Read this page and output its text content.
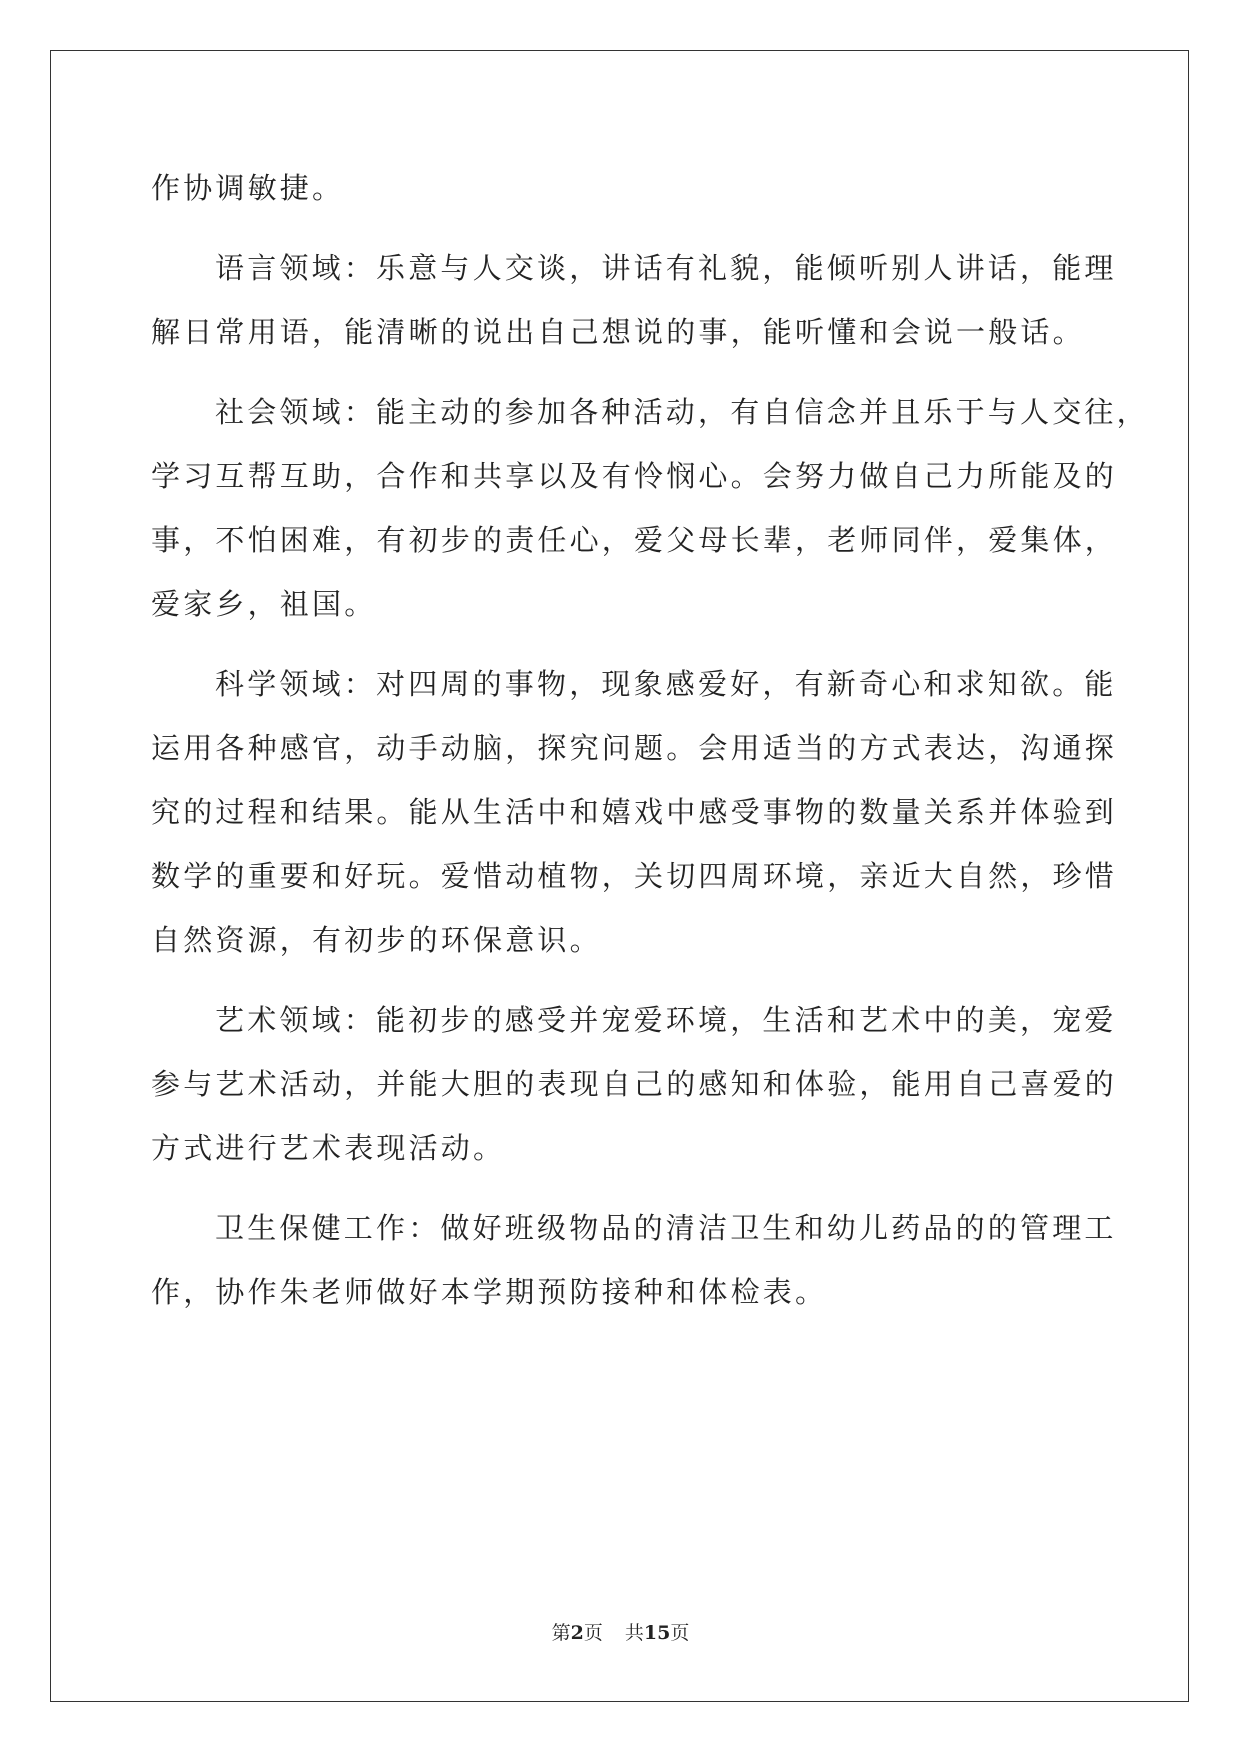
作协调敏捷。
语言领域：乐意与人交谈，讲话有礼貌，能倾听别人讲话，能理
解日常用语，能清晰的说出自己想说的事，能听懂和会说一般话。
社会领域：能主动的参加各种活动，有自信念并且乐于与人交往，
学习互帮互助，合作和共享以及有怜悯心。会努力做自己力所能及的
事，不怕困难，有初步的责任心，爱父母长辈，老师同伴，爱集体，
爱家乡，祖国。
科学领域：对四周的事物，现象感爱好，有新奇心和求知欲。能
运用各种感官，动手动脑，探究问题。会用适当的方式表达，沟通探
究的过程和结果。能从生活中和嬉戏中感受事物的数量关系并体验到
数学的重要和好玩。爱惜动植物，关切四周环境，亲近大自然，珍惜
自然资源，有初步的环保意识。
艺术领域：能初步的感受并宠爱环境，生活和艺术中的美，宠爱
参与艺术活动，并能大胆的表现自己的感知和体验，能用自己喜爱的
方式进行艺术表现活动。
卫生保健工作：做好班级物品的清洁卫生和幼儿药品的的管理工
作，协作朱老师做好本学期预防接种和体检表。
第2页 共15页
